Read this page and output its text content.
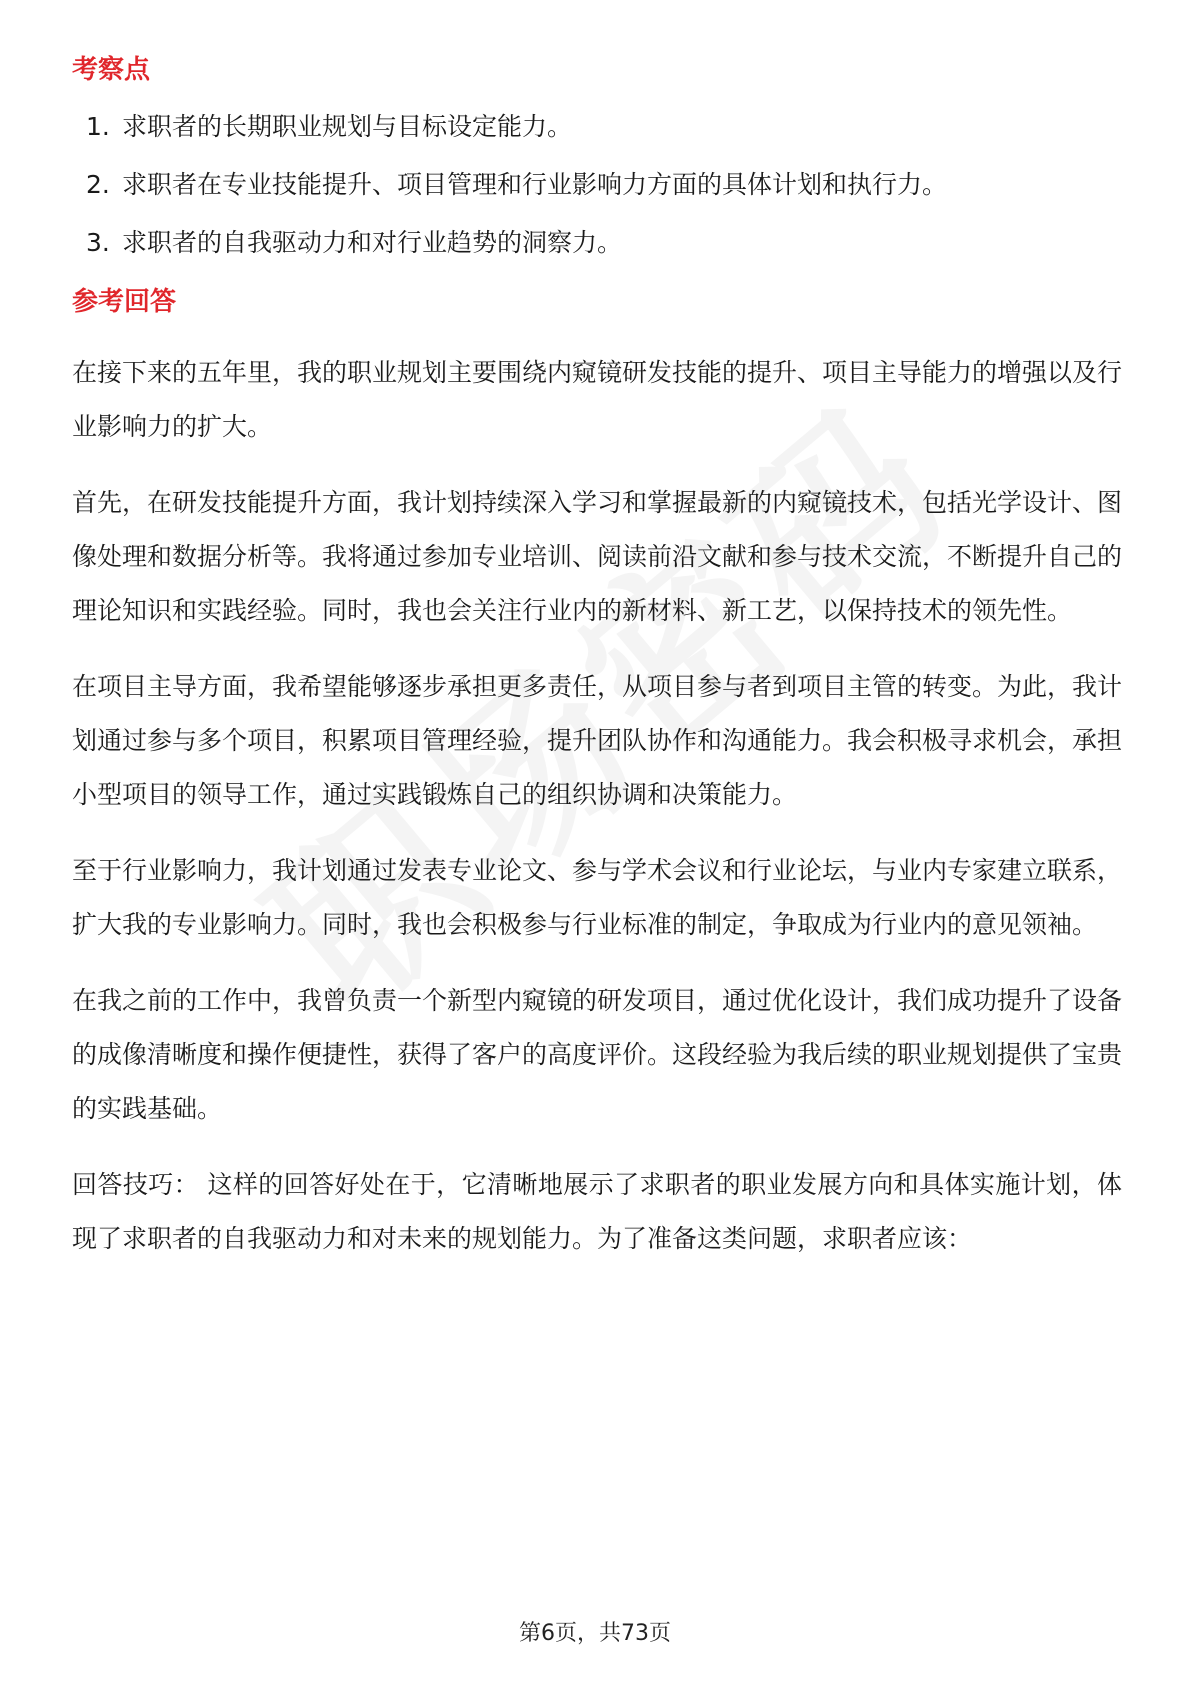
考察点
1. 求职者的长期职业规划与目标设定能力。
2. 求职者在专业技能提升、项目管理和行业影响力方面的具体计划和执行力。
3. 求职者的自我驱动力和对行业趋势的洞察力。
参考回答

在接下来的五年里，我的职业规划主要围绕内窥镜研发技能的提升、项目主导能力的增强以及行业影响力的扩大。

首先，在研发技能提升方面，我计划持续深入学习和掌握最新的内窥镜技术，包括光学设计、图像处理和数据分析等。我将通过参加专业培训、阅读前沿文献和参与技术交流，不断提升自己的理论知识和实践经验。同时，我也会关注行业内的新材料、新工艺，以保持技术的领先性。

在项目主导方面，我希望能够逐步承担更多责任，从项目参与者到项目主管的转变。为此，我计划通过参与多个项目，积累项目管理经验，提升团队协作和沟通能力。我会积极寻求机会，承担小型项目的领导工作，通过实践锻炼自己的组织协调和决策能力。

至于行业影响力，我计划通过发表专业论文、参与学术会议和行业论坛，与业内专家建立联系，扩大我的专业影响力。同时，我也会积极参与行业标准的制定，争取成为行业内的意见领袖。

在我之前的工作中，我曾负责一个新型内窥镜的研发项目，通过优化设计，我们成功提升了设备的成像清晰度和操作便捷性，获得了客户的高度评价。这段经验为我后续的职业规划提供了宝贵的实践基础。

回答技巧： 这样的回答好处在于，它清晰地展示了求职者的职业发展方向和具体实施计划，体现了求职者的自我驱动力和对未来的规划能力。为了准备这类问题，求职者应该：

第6页，共73页
